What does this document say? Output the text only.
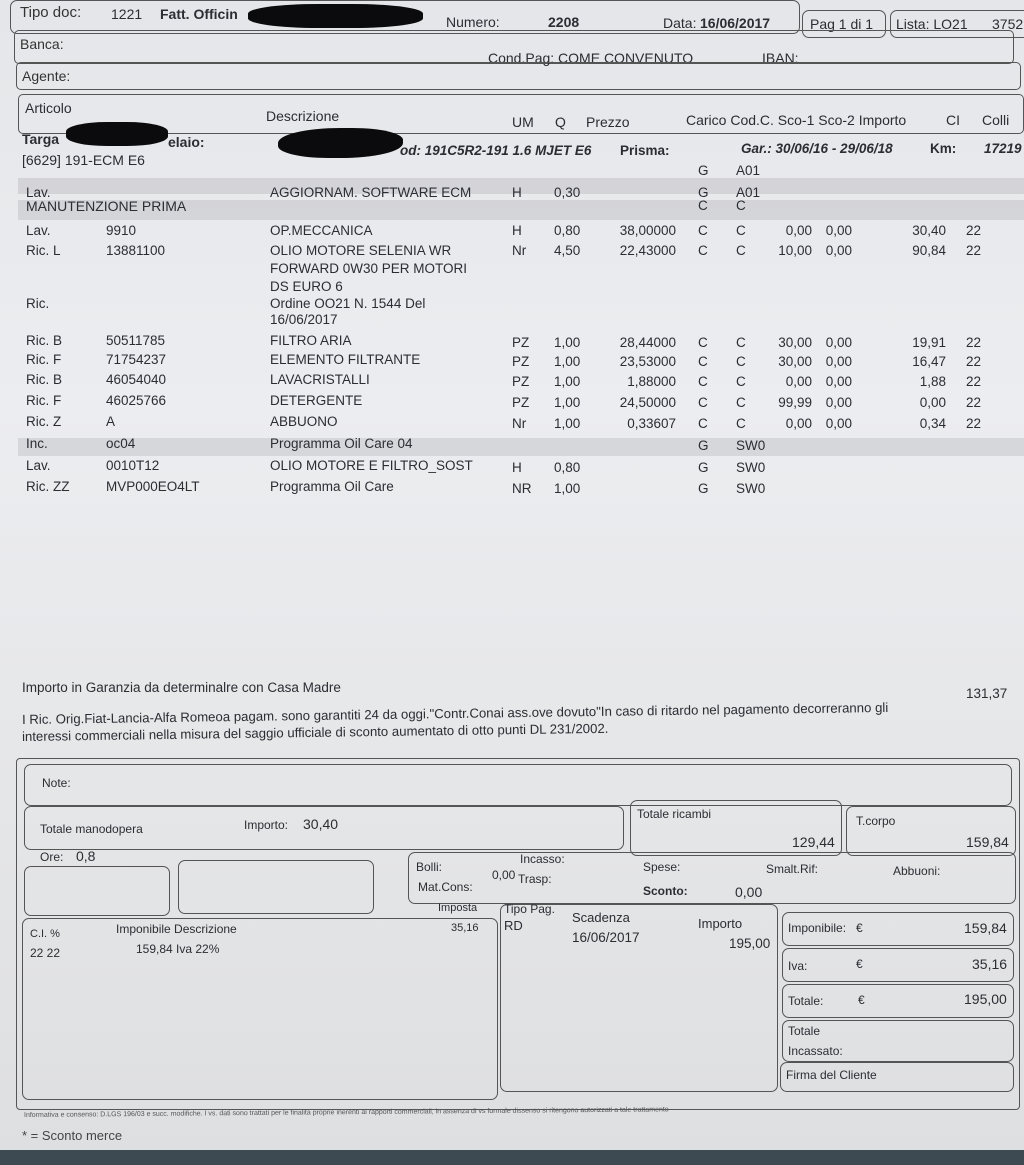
Tipo doc: 1221 Fatt. Officin	Numero:	2208	Data: 16/06/2017	Pag 1 di 1 Lista: LO21 3752
Banca:
Cond.Pag: COME CONVENUTO	IBAN:
Agente:
Articolo	Descrizione	UM Q Prezzo	Carico Cod.C. Sco-1 Sco-2 Importo	CI Colli
Targa	elaio:
od: 191C5R2-191 1.6 MJET E6 Prisma:	Gar.: 30/06/16 - 29/06/18	Km: 17219
[6629] 191-ECM E6
G A01
Lav.	AGGIORNAM. SOFTWARE ECM	H 0,30	G A01
MANUTENZIONE PRIMA	C C
Lav.	9910	OP.MECCANICA	H 0,80	38,00000 C C	0,00 0,00	30,40 22
Ric. L	13881100	OLIO MOTORE SELENIA WR	Nr 4,50	22,43000 C C 10,00 0,00	90,84 22
FORWARD 0W30 PER MOTORI
DS EURO 6
Ric.	Ordine OO21 N. 1544 Del
16/06/2017
Ric. B	50511785	FILTRO ARIA	PZ 1,00	28,44000 C C 30,00 0,00	19,91 22
Ric. F	71754237	ELEMENTO FILTRANTE	PZ 1,00	23,53000 C C 30,00 0,00	16,47 22
Ric. B	46054040	LAVACRISTALLI	PZ 1,00	1,88000 C C	0,00 0,00	1,88 22
Ric. F	46025766	DETERGENTE	PZ 1,00	24,50000 C C 99,99 0,00	0,00 22
Ric. Z	A	ABBUONO	Nr 1,00	0,33607 C C	0,00 0,00	0,34 22
Inc.	oc04	Programma Oil Care 04	G SW0
Lav.	0010T12	OLIO MOTORE E FILTRO_SOST	H 0,80	G SW0
Ric. ZZ	MVP000EO4LT	Programma Oil Care	NR 1,00	G SW0
Importo in Garanzia da determinalre con Casa Madre	131,37
I Ric. Orig.Fiat-Lancia-Alfa Romeoa pagam. sono garantiti 24 da oggi."Contr.Conai ass.ove dovuto"In caso di ritardo nel pagamento decorreranno gli
interessi commerciali nella misura del saggio ufficiale di sconto aumentato di otto punti DL 231/2002.
Note:
Totale manodopera	Importo: 30,40
Ore: 0,8
Totale ricambi
129,44
T.corpo
159,84
Bolli:
Mat.Cons:
Incasso:
0,00 Trasp:
Spese:
Sconto:	0,00
Smalt.Rif:	Abbuoni:
C.I. %	Imponibile Descrizione
Imposta
35,16
22 22	159,84 Iva 22%
Tipo Pag.
RD
Scadenza
16/06/2017
Importo
195,00
Imponibile: €	159,84
Iva:	€	35,16
Totale:	€	195,00
Totale
Incassato:
Firma del Cliente
Informativa e consenso: D.LGS 196/03 e succ. modifiche. I vs. dati sono trattati per le finalità proprie inerenti ai rapporti commerciali, in assenza di vs formale dissenso si ritengono autorizzati a tale trattamento
* = Sconto merce
